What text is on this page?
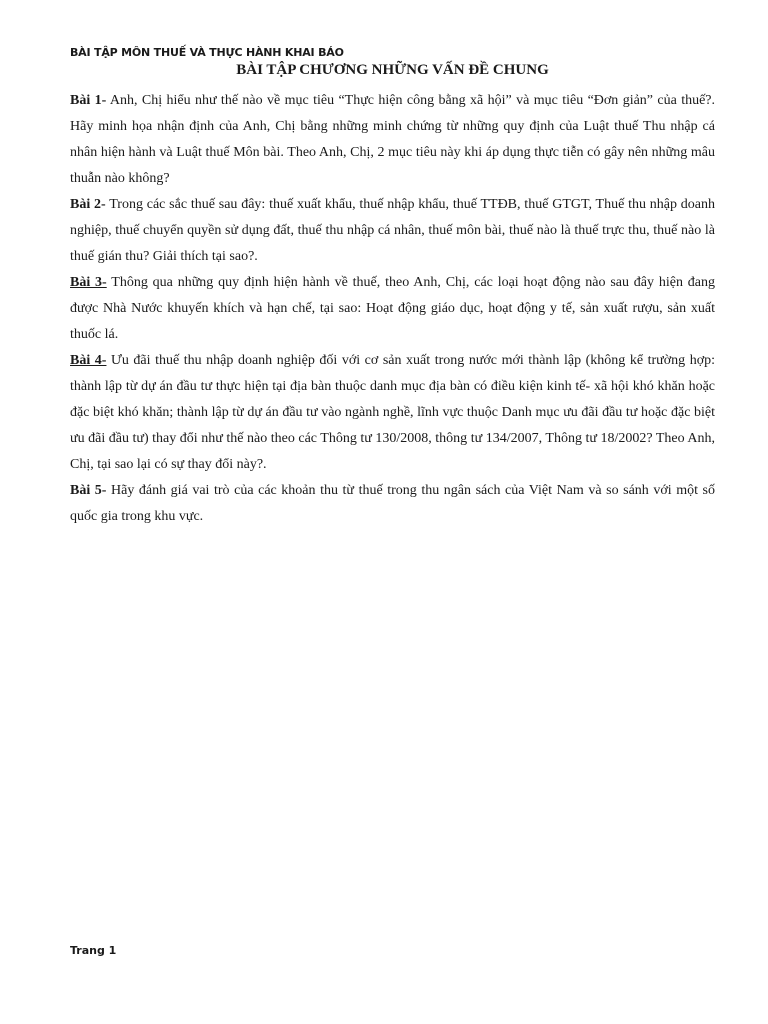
BÀI TẬP MÔN THUẾ VÀ THỰC HÀNH KHAI BÁO
BÀI TẬP CHƯƠNG NHỮNG VẤN ĐỀ CHUNG

Bài 1- Anh, Chị hiểu như thế nào về mục tiêu “Thực hiện công bằng xã hội” và mục tiêu “Đơn giản” của thuế?. Hãy minh họa nhận định của Anh, Chị bằng những minh chứng từ những quy định của Luật thuế Thu nhập cá nhân hiện hành và Luật thuế Môn bài. Theo Anh, Chị, 2 mục tiêu này khi áp dụng thực tiễn có gây nên những mâu thuẫn nào không?

Bài 2- Trong các sắc thuế sau đây: thuế xuất khẩu, thuế nhập khẩu, thuế TTĐB, thuế GTGT, Thuế thu nhập doanh nghiệp, thuế chuyển quyền sử dụng đất, thuế thu nhập cá nhân, thuế môn bài, thuế nào là thuế trực thu, thuế nào là thuế gián thu? Giải thích tại sao?.

Bài 3- Thông qua những quy định hiện hành về thuế, theo Anh, Chị, các loại hoạt động nào sau đây hiện đang được Nhà Nước khuyến khích và hạn chế, tại sao: Hoạt động giáo dục, hoạt động y tế, sản xuất rượu, sản xuất thuốc lá.

Bài 4- Ưu đãi thuế thu nhập doanh nghiệp đối với cơ sản xuất trong nước mới thành lập (không kể trường hợp: thành lập từ dự án đầu tư thực hiện tại địa bàn thuộc danh mục địa bàn có điều kiện kinh tế- xã hội khó khăn hoặc đặc biệt khó khăn; thành lập từ dự án đầu tư vào ngành nghề, lĩnh vực thuộc Danh mục ưu đãi đầu tư hoặc đặc biệt ưu đãi đầu tư) thay đổi như thế nào theo các Thông tư 130/2008, thông tư 134/2007, Thông tư 18/2002? Theo Anh, Chị, tại sao lại có sự thay đổi này?.

Bài 5- Hãy đánh giá vai trò của các khoản thu từ thuế trong thu ngân sách của Việt Nam và so sánh với một số quốc gia trong khu vực.

Trang 1
